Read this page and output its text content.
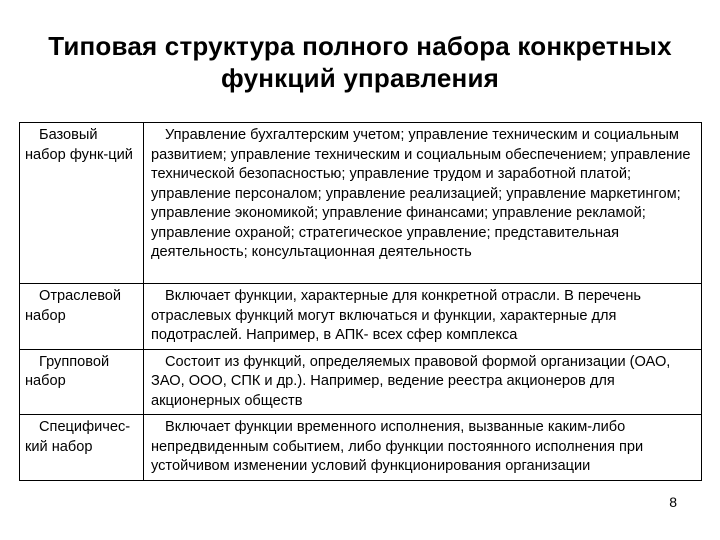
Типовая структура полного набора конкретных
функций управления
Базовый набор функ-ций	Управление бухгалтерским учетом; управление техническим и социальным развитием; управление техническим и социальным обеспечением; управление технической безопасностью; управление трудом и заработной платой; управление персоналом; управление реализацией; управление маркетингом; управление экономикой; управление финансами; управление рекламой; управление охраной; стратегическое управление; представительная деятельность; консультационная деятельность
Отраслевой набор	Включает функции, характерные для конкретной отрасли. В перечень отраслевых функций могут включаться и функции, характерные для подотраслей. Например, в АПК- всех сфер комплекса
Групповой набор	Состоит из функций, определяемых правовой формой организации (ОАО, ЗАО, ООО, СПК и др.). Например, ведение реестра акционеров для акционерных обществ
Специфичес-кий набор	Включает функции временного исполнения, вызванные каким-либо непредвиденным событием, либо функции постоянного исполнения при устойчивом изменении условий функционирования организации
8
